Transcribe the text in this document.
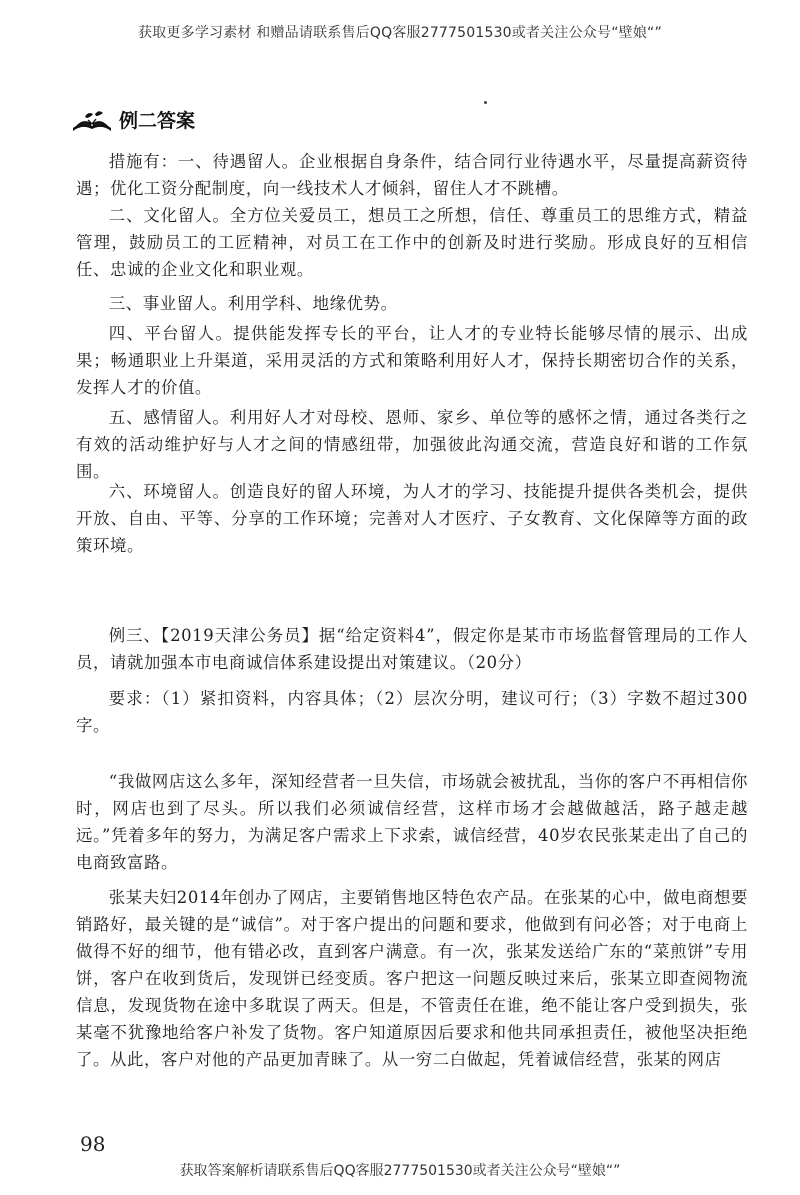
获取更多学习素材 和赠品请联系售后QQ客服2777501530或者关注公众号“壁娘“”
例二答案

措施有：一、待遇留人。企业根据自身条件，结合同行业待遇水平，尽量提高薪资待遇；优化工资分配制度，向一线技术人才倾斜，留住人才不跳槽。

二、文化留人。全方位关爱员工，想员工之所想，信任、尊重员工的思维方式，精益管理，鼓励员工的工匠精神，对员工在工作中的创新及时进行奖励。形成良好的互相信任、忠诚的企业文化和职业观。

三、事业留人。利用学科、地缘优势。

四、平台留人。提供能发挥专长的平台，让人才的专业特长能够尽情的展示、出成果；畅通职业上升渠道，采用灵活的方式和策略利用好人才，保持长期密切合作的关系，发挥人才的价值。

五、感情留人。利用好人才对母校、恩师、家乡、单位等的感怀之情，通过各类行之有效的活动维护好与人才之间的情感纽带，加强彼此沟通交流，营造良好和谐的工作氛围。

六、环境留人。创造良好的留人环境，为人才的学习、技能提升提供各类机会，提供开放、自由、平等、分享的工作环境；完善对人才医疗、子女教育、文化保障等方面的政策环境。

例三、【2019天津公务员】据“给定资料4”，假定你是某市市场监督管理局的工作人员，请就加强本市电商诚信体系建设提出对策建议。（20分）

要求：（1）紧扣资料，内容具体；（2）层次分明，建议可行；（3）字数不超过300字。

“我做网店这么多年，深知经营者一旦失信，市场就会被扰乱，当你的客户不再相信你时，网店也到了尽头。所以我们必须诚信经营，这样市场才会越做越活，路子越走越远。”凭着多年的努力，为满足客户需求上下求索，诚信经营，40岁农民张某走出了自己的电商致富路。

张某夫妇2014年创办了网店，主要销售地区特色农产品。在张某的心中，做电商想要销路好，最关键的是“诚信”。对于客户提出的问题和要求，他做到有问必答；对于电商上做得不好的细节，他有错必改，直到客户满意。有一次，张某发送给广东的“菜煎饼”专用饼，客户在收到货后，发现饼已经变质。客户把这一问题反映过来后，张某立即查阅物流信息，发现货物在途中多耽误了两天。但是，不管责任在谁，绝不能让客户受到损失，张某毫不犹豫地给客户补发了货物。客户知道原因后要求和他共同承担责任，被他坚决拒绝了。从此，客户对他的产品更加青睐了。从一穷二白做起，凭着诚信经营，张某的网店

98
获取答案解析请联系售后QQ客服2777501530或者关注公众号“壁娘“”
